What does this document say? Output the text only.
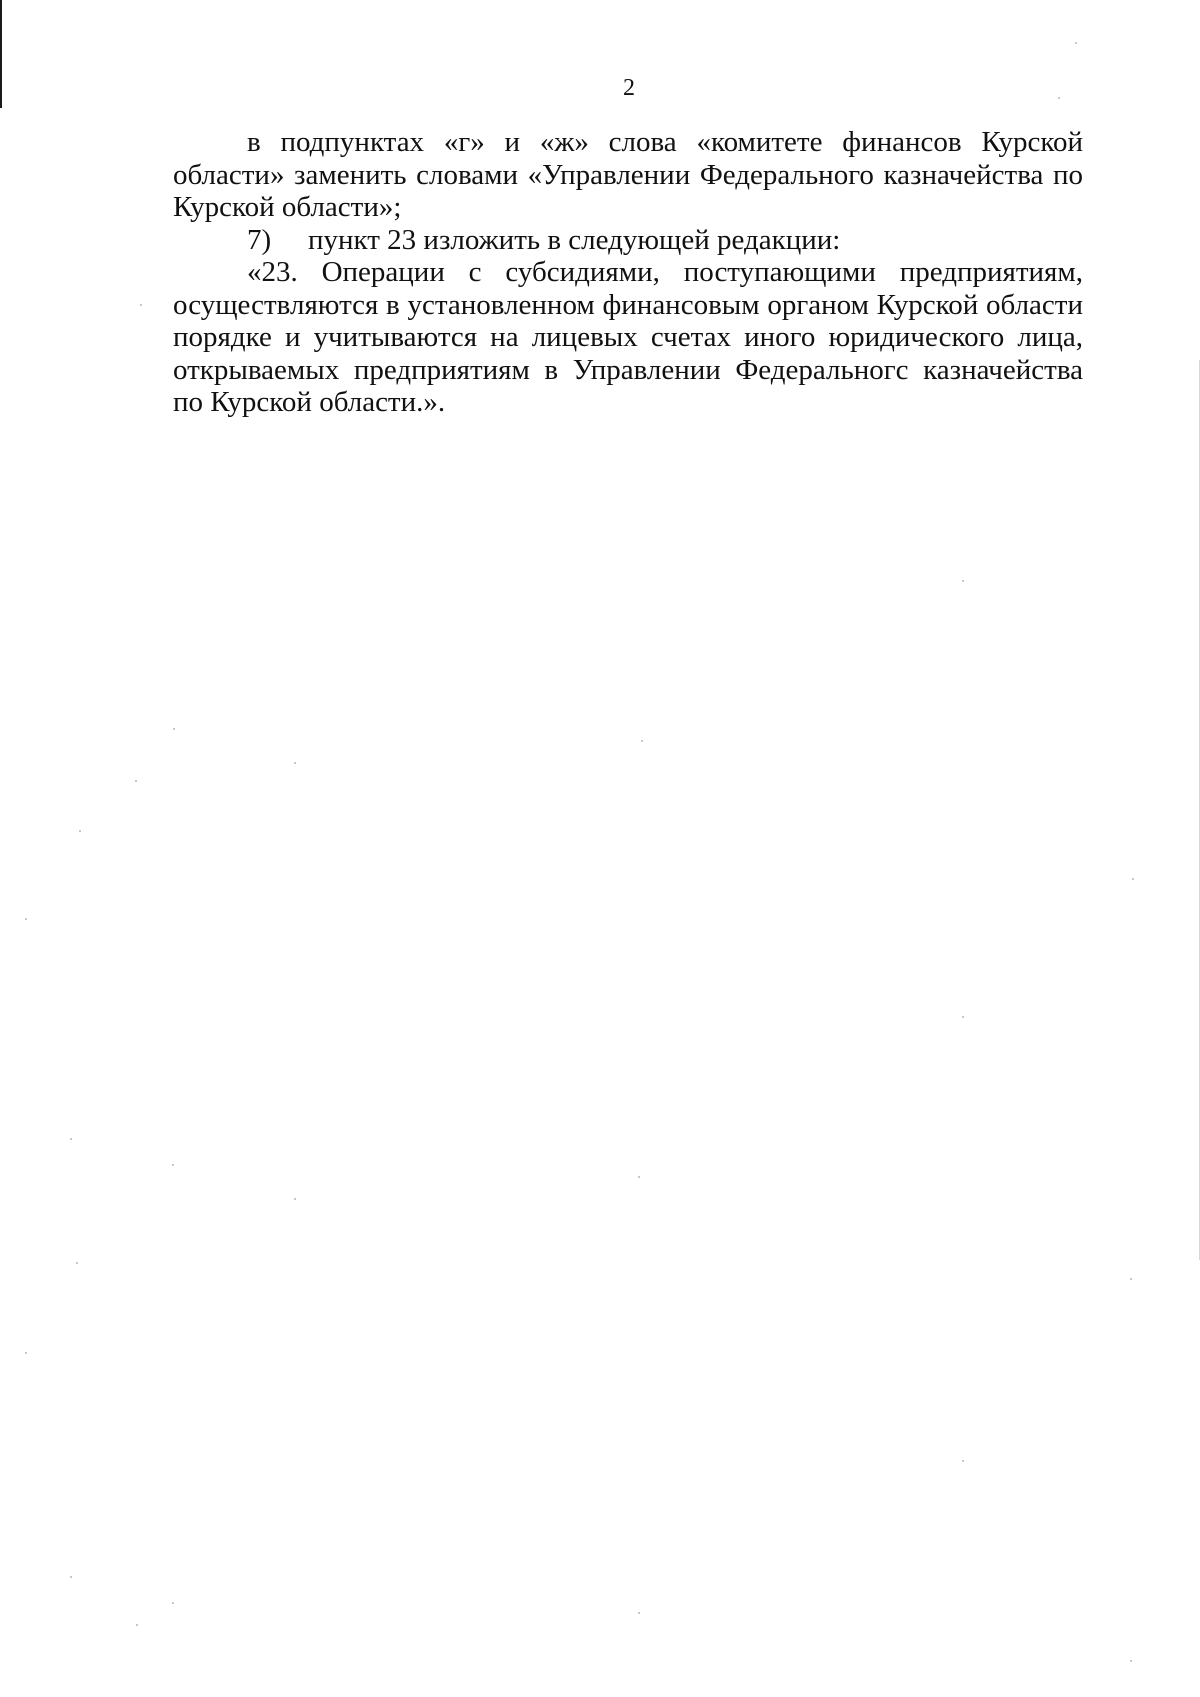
2

в подпунктах «г» и «ж» слова «комитете финансов Курской области» заменить словами «Управлении Федерального казначейства по Курской области»;

7) пункт 23 изложить в следующей редакции:

«23. Операции с субсидиями, поступающими предприятиям, осуществляются в установленном финансовым органом Курской области порядке и учитываются на лицевых счетах иного юридического лица, открываемых предприятиям в Управлении Федеральногс казначейства по Курской области.».
